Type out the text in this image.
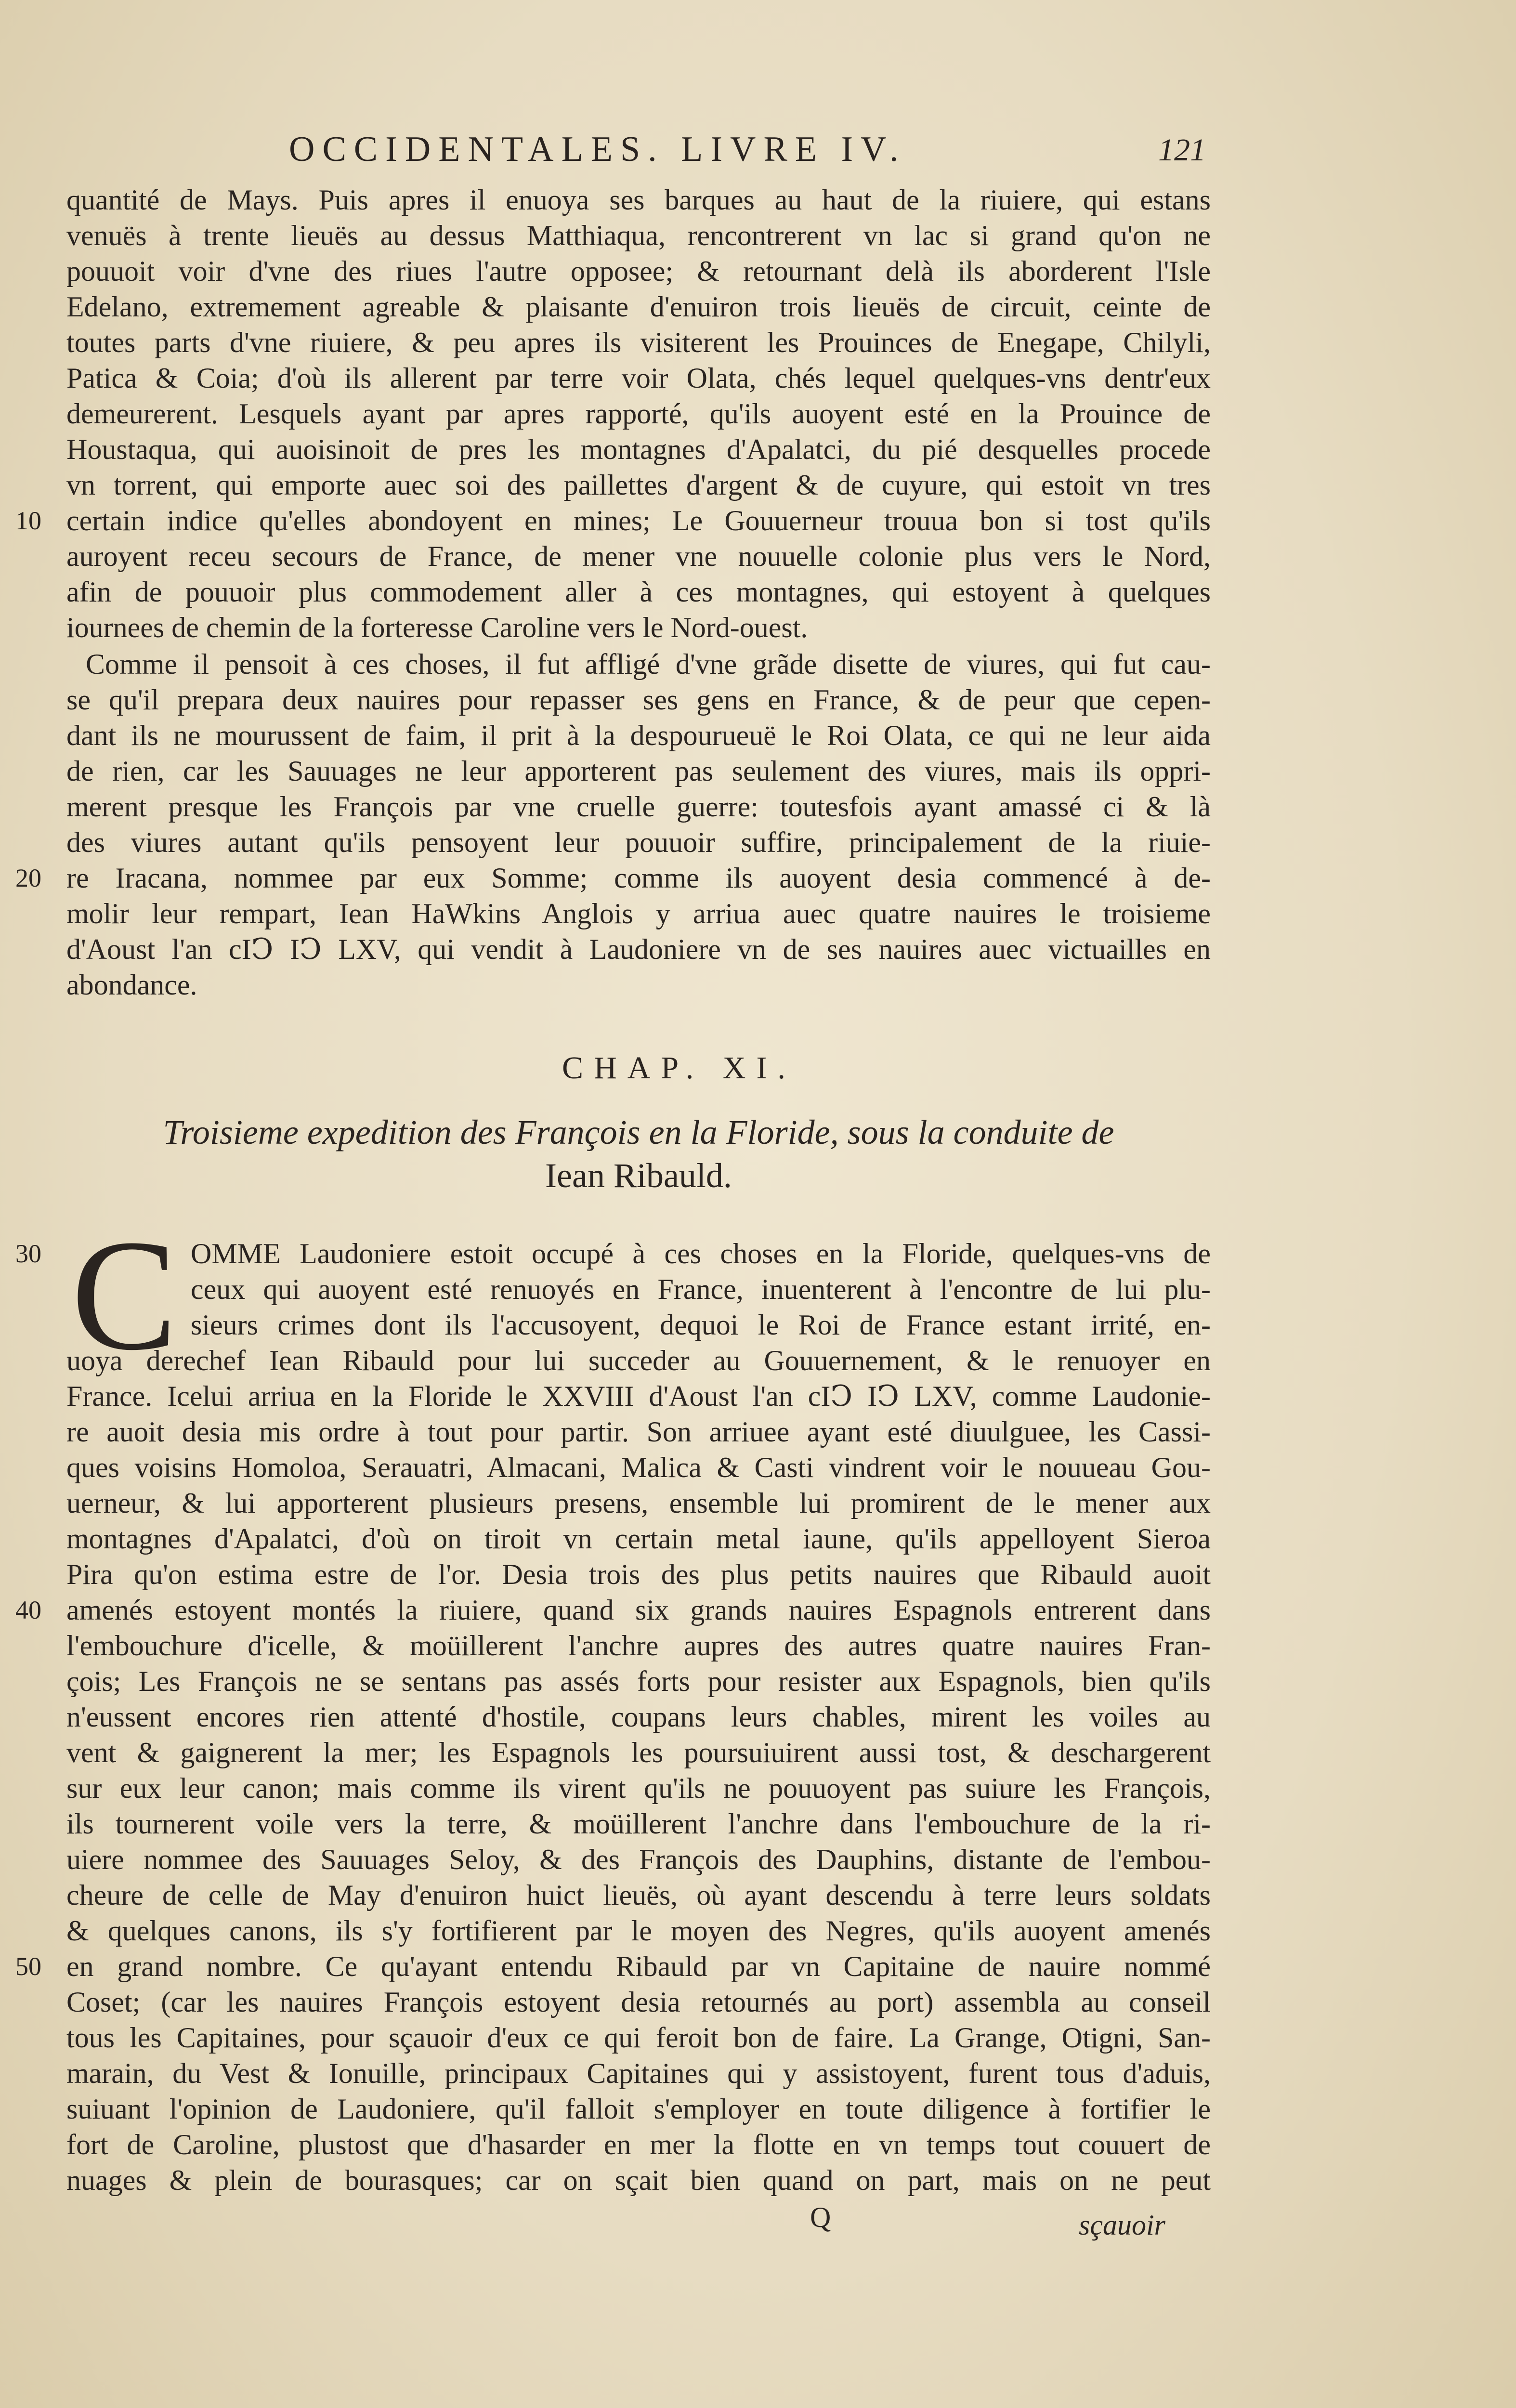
OCCIDENTALES. LIVRE IV.	121
quantité de Mays. Puis apres il enuoya ses barques au haut de la riuiere, qui estans
venuës à trente lieuës au dessus Matthiaqua, rencontrerent vn lac si grand qu'on ne
pouuoit voir d'vne des riues l'autre opposee; & retournant delà ils aborderent l'Isle
Edelano, extremement agreable & plaisante d'enuiron trois lieuës de circuit, ceinte de
toutes parts d'vne riuiere, & peu apres ils visiterent les Prouinces de Enegape, Chilyli,
Patica & Coia; d'où ils allerent par terre voir Olata, chés lequel quelques-vns dentr'eux
demeurerent. Lesquels ayant par apres rapporté, qu'ils auoyent esté en la Prouince de
Houstaqua, qui auoisinoit de pres les montagnes d'Apalatci, du pié desquelles procede
vn torrent, qui emporte auec soi des paillettes d'argent & de cuyure, qui estoit vn tres
certain indice qu'elles abondoyent en mines; Le Gouuerneur trouua bon si tost qu'ils
auroyent receu secours de France, de mener vne nouuelle colonie plus vers le Nord,
afin de pouuoir plus commodement aller à ces montagnes, qui estoyent à quelques
iournees de chemin de la forteresse Caroline vers le Nord-ouest.
10
Comme il pensoit à ces choses, il fut affligé d'vne grãde disette de viures, qui fut cau-
se qu'il prepara deux nauires pour repasser ses gens en France, & de peur que cepen-
dant ils ne mourussent de faim, il prit à la despourueuë le Roi Olata, ce qui ne leur aida
de rien, car les Sauuages ne leur apporterent pas seulement des viures, mais ils oppri-
merent presque les François par vne cruelle guerre: toutesfois ayant amassé ci & là
des viures autant qu'ils pensoyent leur pouuoir suffire, principalement de la riuie-
re Iracana, nommee par eux Somme; comme ils auoyent desia commencé à de-
molir leur rempart, Iean HaWkins Anglois y arriua auec quatre nauires le troisieme
d'Aoust l'an cIↃ IↃ LXV, qui vendit à Laudoniere vn de ses nauires auec victuailles en
abondance.
20
CHAP. XI.
Troisieme expedition des François en la Floride, sous la conduite de
Iean Ribauld.
C OMME Laudoniere estoit occupé à ces choses en la Floride, quelques-vns de
ceux qui auoyent esté renuoyés en France, inuenterent à l'encontre de lui plu-
sieurs crimes dont ils l'accusoyent, dequoi le Roi de France estant irrité, en-
uoya derechef Iean Ribauld pour lui succeder au Gouuernement, & le renuoyer en
France. Icelui arriua en la Floride le XXVIII d'Aoust l'an cIↃ IↃ LXV, comme Laudonie-
re auoit desia mis ordre à tout pour partir. Son arriuee ayant esté diuulguee, les Cassi-
ques voisins Homoloa, Serauatri, Almacani, Malica & Casti vindrent voir le nouueau Gou-
uerneur, & lui apporterent plusieurs presens, ensemble lui promirent de le mener aux
montagnes d'Apalatci, d'où on tiroit vn certain metal iaune, qu'ils appelloyent Sieroa
Pira qu'on estima estre de l'or. Desia trois des plus petits nauires que Ribauld auoit
amenés estoyent montés la riuiere, quand six grands nauires Espagnols entrerent dans
l'embouchure d'icelle, & moüillerent l'anchre aupres des autres quatre nauires Fran-
çois; Les François ne se sentans pas assés forts pour resister aux Espagnols, bien qu'ils
n'eussent encores rien attenté d'hostile, coupans leurs chables, mirent les voiles au
vent & gaignerent la mer; les Espagnols les poursuiuirent aussi tost, & deschargerent
sur eux leur canon; mais comme ils virent qu'ils ne pouuoyent pas suiure les François,
ils tournerent voile vers la terre, & moüillerent l'anchre dans l'embouchure de la ri-
uiere nommee des Sauuages Seloy, & des François des Dauphins, distante de l'embou-
cheure de celle de May d'enuiron huict lieuës, où ayant descendu à terre leurs soldats
& quelques canons, ils s'y fortifierent par le moyen des Negres, qu'ils auoyent amenés
en grand nombre. Ce qu'ayant entendu Ribauld par vn Capitaine de nauire nommé
Coset; (car les nauires François estoyent desia retournés au port) assembla au conseil
tous les Capitaines, pour sçauoir d'eux ce qui feroit bon de faire. La Grange, Otigni, San-
marain, du Vest & Ionuille, principaux Capitaines qui y assistoyent, furent tous d'aduis,
suiuant l'opinion de Laudoniere, qu'il falloit s'employer en toute diligence à fortifier le
fort de Caroline, plustost que d'hasarder en mer la flotte en vn temps tout couuert de
nuages & plein de bourasques; car on sçait bien quand on part, mais on ne peut
30
40
50
Q	sçauoir
